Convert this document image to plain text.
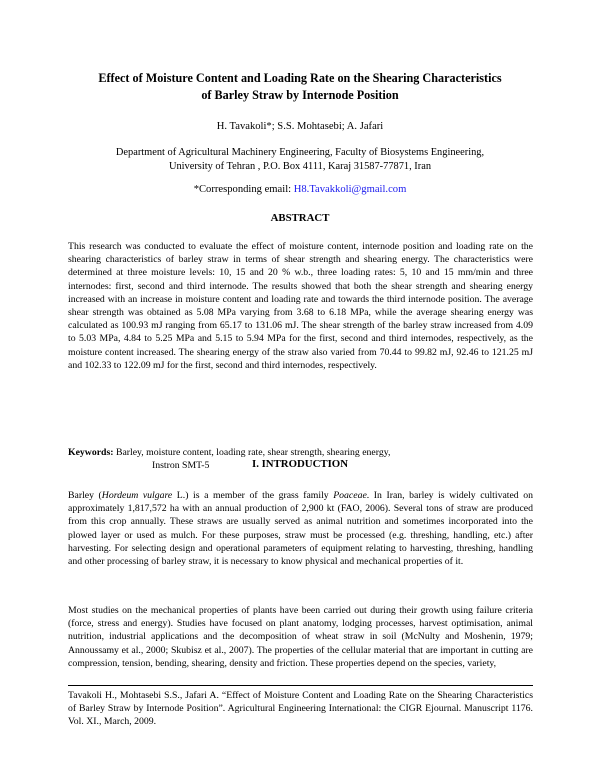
Effect of Moisture Content and Loading Rate on the Shearing Characteristics
of Barley Straw by Internode Position
H. Tavakoli*; S.S. Mohtasebi; A. Jafari
Department of Agricultural Machinery Engineering, Faculty of Biosystems Engineering,
University of Tehran , P.O. Box 4111, Karaj 31587-77871, Iran
*Corresponding email: H8.Tavakkoli@gmail.com
ABSTRACT

This research was conducted to evaluate the effect of moisture content, internode position and loading rate on the shearing characteristics of barley straw in terms of shear strength and shearing energy. The characteristics were determined at three moisture levels: 10, 15 and 20 % w.b., three loading rates: 5, 10 and 15 mm/min and three internodes: first, second and third internode. The results showed that both the shear strength and shearing energy increased with an increase in moisture content and loading rate and towards the third internode position. The average shear strength was obtained as 5.08 MPa varying from 3.68 to 6.18 MPa, while the average shearing energy was calculated as 100.93 mJ ranging from 65.17 to 131.06 mJ. The shear strength of the barley straw increased from 4.09 to 5.03 MPa, 4.84 to 5.25 MPa and 5.15 to 5.94 MPa for the first, second and third internodes, respectively, as the moisture content increased. The shearing energy of the straw also varied from 70.44 to 99.82 mJ, 92.46 to 121.25 mJ and 102.33 to 122.09 mJ for the first, second and third internodes, respectively.

Keywords: Barley, moisture content, loading rate, shear strength, shearing energy,

Instron SMT-5	I. INTRODUCTION

Barley (Hordeum vulgare L.) is a member of the grass family Poaceae. In Iran, barley is widely cultivated on approximately 1,817,572 ha with an annual production of 2,900 kt (FAO, 2006). Several tons of straw are produced from this crop annually. These straws are usually served as animal nutrition and sometimes incorporated into the plowed layer or used as mulch. For these purposes, straw must be processed (e.g. threshing, handling, etc.) after harvesting. For selecting design and operational parameters of equipment relating to harvesting, threshing, handling and other processing of barley straw, it is necessary to know physical and mechanical properties of it.

Most studies on the mechanical properties of plants have been carried out during their growth using failure criteria (force, stress and energy). Studies have focused on plant anatomy, lodging processes, harvest optimisation, animal nutrition, industrial applications and the decomposition of wheat straw in soil (McNulty and Moshenin, 1979; Annoussamy et al., 2000; Skubisz et al., 2007). The properties of the cellular material that are important in cutting are compression, tension, bending, shearing, density and friction. These properties depend on the species, variety,

Tavakoli H., Mohtasebi S.S., Jafari A. “Effect of Moisture Content and Loading Rate on the Shearing Characteristics of Barley Straw by Internode Position”. Agricultural Engineering International: the CIGR Ejournal. Manuscript 1176. Vol. XI., March, 2009.
